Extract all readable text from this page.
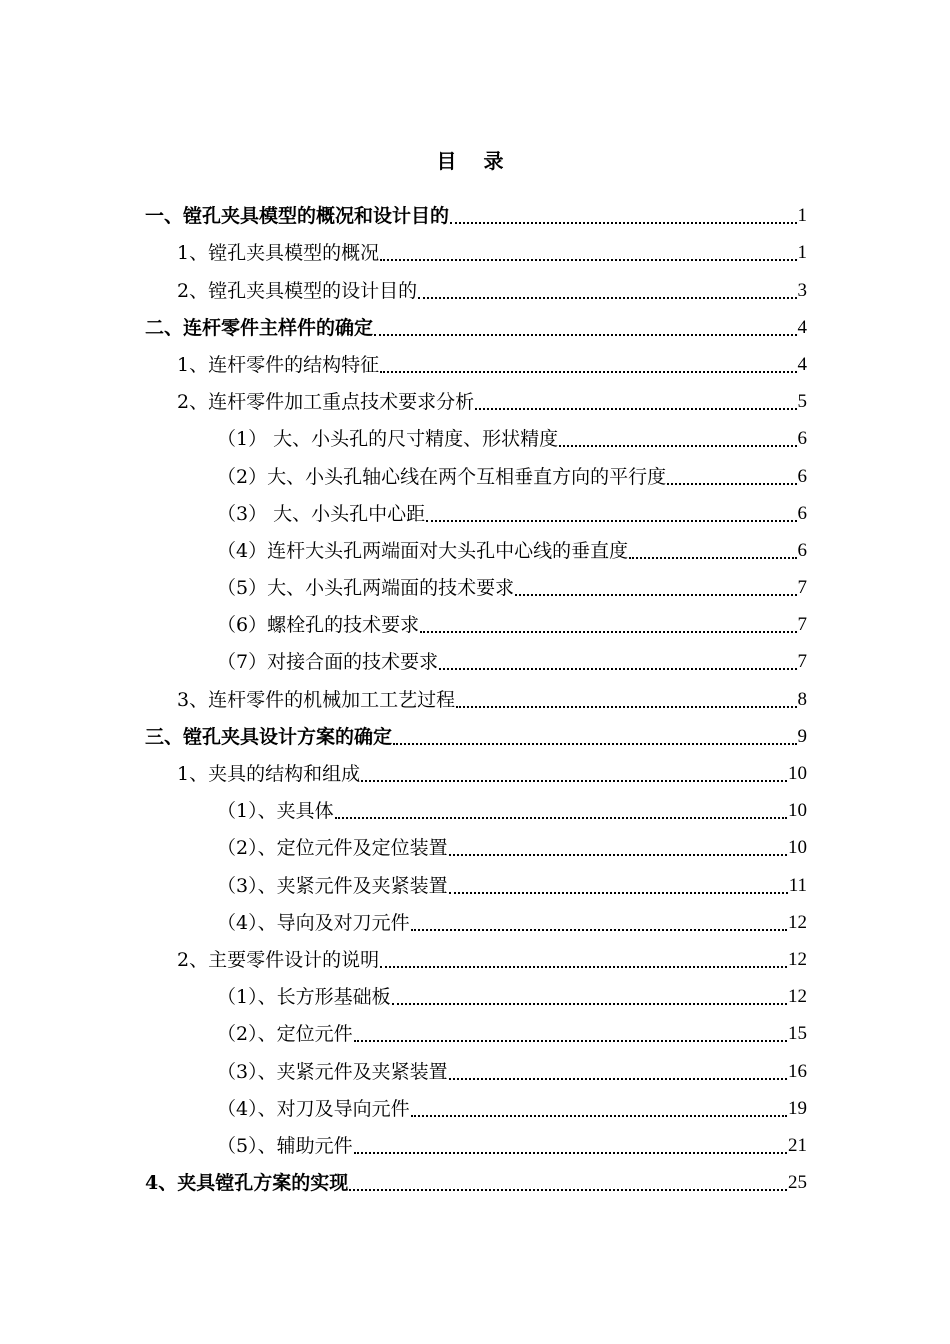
目 录
一、镗孔夹具模型的概况和设计目的	1
1、镗孔夹具模型的概况	1
2、镗孔夹具模型的设计目的	3
二、连杆零件主样件的确定	4
1、连杆零件的结构特征	4
2、连杆零件加工重点技术要求分析	5
（1） 大、小头孔的尺寸精度、形状精度	6
（2）大、小头孔轴心线在两个互相垂直方向的平行度	6
（3） 大、小头孔中心距	6
（4）连杆大头孔两端面对大头孔中心线的垂直度	6
（5）大、小头孔两端面的技术要求	7
（6）螺栓孔的技术要求	7
（7）对接合面的技术要求	7
3、连杆零件的机械加工工艺过程	8
三、镗孔夹具设计方案的确定	9
1、夹具的结构和组成	10
（1）、夹具体	10
（2）、定位元件及定位装置	10
（3）、夹紧元件及夹紧装置	11
（4）、导向及对刀元件	12
2、主要零件设计的说明	12
（1）、长方形基础板	12
（2）、定位元件	15
（3）、夹紧元件及夹紧装置	16
（4）、对刀及导向元件	19
（5）、辅助元件	21
4、夹具镗孔方案的实现	25
